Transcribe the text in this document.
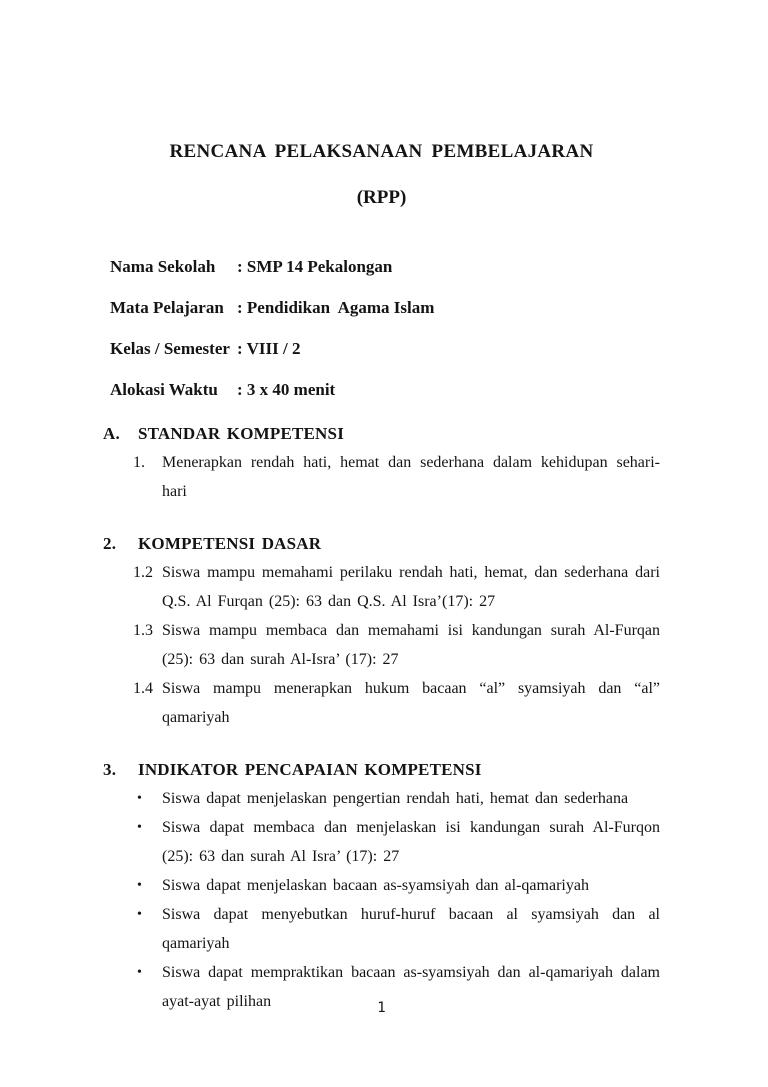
RENCANA PELAKSANAAN PEMBELAJARAN
(RPP)
Nama Sekolah	: SMP 14 Pekalongan
Mata Pelajaran : Pendidikan  Agama Islam
Kelas / Semester : VIII / 2
Alokasi Waktu	: 3 x 40 menit
A.	STANDAR KOMPETENSI
1.	Menerapkan rendah hati, hemat dan sederhana dalam kehidupan sehari-hari
2.	KOMPETENSI DASAR
1.2 Siswa mampu memahami perilaku rendah hati, hemat, dan sederhana dari Q.S. Al Furqan (25): 63 dan Q.S. Al Isra’(17): 27
1.3 Siswa mampu membaca dan memahami isi kandungan surah Al-Furqan (25): 63 dan surah Al-Isra’ (17): 27
1.4 Siswa mampu menerapkan hukum bacaan “al” syamsiyah dan “al” qamariyah
3.	INDIKATOR PENCAPAIAN KOMPETENSI
•	Siswa dapat menjelaskan pengertian rendah hati, hemat dan sederhana
•	Siswa dapat membaca dan menjelaskan isi kandungan surah Al-Furqon (25): 63 dan surah Al Isra’ (17): 27
•	Siswa dapat menjelaskan bacaan as-syamsiyah dan al-qamariyah
•	Siswa dapat menyebutkan huruf-huruf bacaan al syamsiyah dan al qamariyah
•	Siswa dapat mempraktikan bacaan as-syamsiyah dan al-qamariyah dalam ayat-ayat pilihan	1
